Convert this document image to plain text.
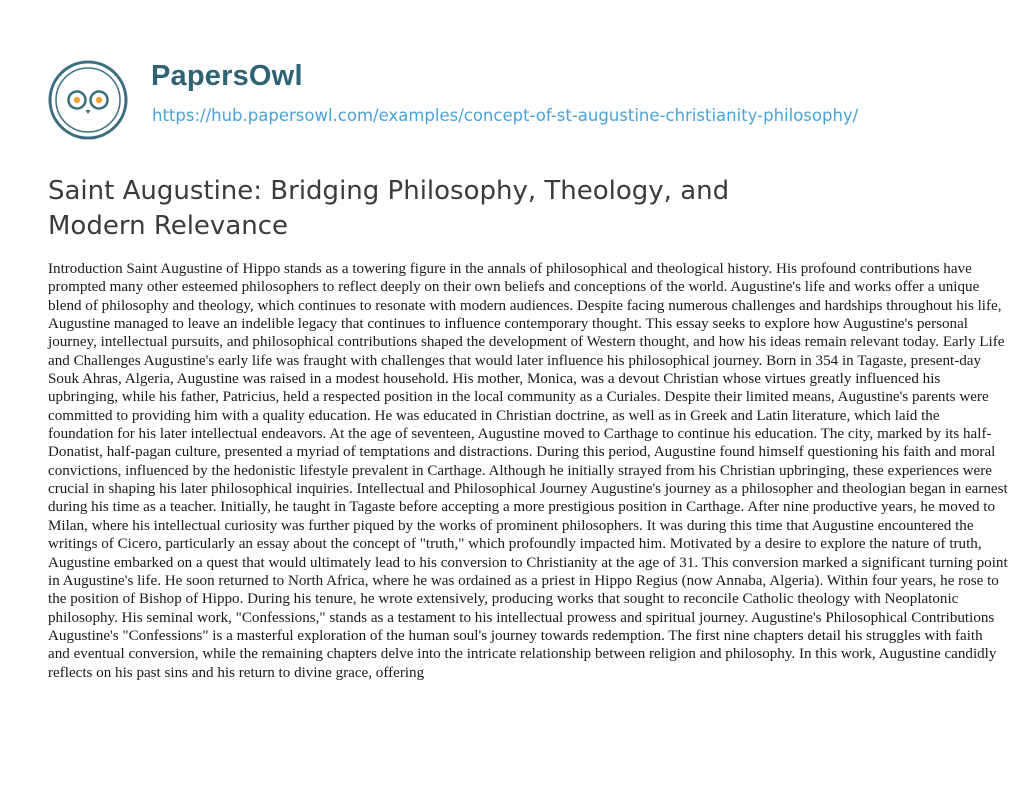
PapersOwl
https://hub.papersowl.com/examples/concept-of-st-augustine-christianity-philosophy/
Saint Augustine: Bridging Philosophy, Theology, and Modern Relevance

Introduction Saint Augustine of Hippo stands as a towering figure in the annals of philosophical and theological history. His profound contributions have prompted many other esteemed philosophers to reflect deeply on their own beliefs and conceptions of the world. Augustine's life and works offer a unique blend of philosophy and theology, which continues to resonate with modern audiences. Despite facing numerous challenges and hardships throughout his life, Augustine managed to leave an indelible legacy that continues to influence contemporary thought. This essay seeks to explore how Augustine's personal journey, intellectual pursuits, and philosophical contributions shaped the development of Western thought, and how his ideas remain relevant today. Early Life and Challenges Augustine's early life was fraught with challenges that would later influence his philosophical journey. Born in 354 in Tagaste, present-day Souk Ahras, Algeria, Augustine was raised in a modest household. His mother, Monica, was a devout Christian whose virtues greatly influenced his upbringing, while his father, Patricius, held a respected position in the local community as a Curiales. Despite their limited means, Augustine's parents were committed to providing him with a quality education. He was educated in Christian doctrine, as well as in Greek and Latin literature, which laid the foundation for his later intellectual endeavors. At the age of seventeen, Augustine moved to Carthage to continue his education. The city, marked by its half-Donatist, half-pagan culture, presented a myriad of temptations and distractions. During this period, Augustine found himself questioning his faith and moral convictions, influenced by the hedonistic lifestyle prevalent in Carthage. Although he initially strayed from his Christian upbringing, these experiences were crucial in shaping his later philosophical inquiries. Intellectual and Philosophical Journey Augustine's journey as a philosopher and theologian began in earnest during his time as a teacher. Initially, he taught in Tagaste before accepting a more prestigious position in Carthage. After nine productive years, he moved to Milan, where his intellectual curiosity was further piqued by the works of prominent philosophers. It was during this time that Augustine encountered the writings of Cicero, particularly an essay about the concept of "truth," which profoundly impacted him. Motivated by a desire to explore the nature of truth, Augustine embarked on a quest that would ultimately lead to his conversion to Christianity at the age of 31. This conversion marked a significant turning point in Augustine's life. He soon returned to North Africa, where he was ordained as a priest in Hippo Regius (now Annaba, Algeria). Within four years, he rose to the position of Bishop of Hippo. During his tenure, he wrote extensively, producing works that sought to reconcile Catholic theology with Neoplatonic philosophy. His seminal work, "Confessions," stands as a testament to his intellectual prowess and spiritual journey. Augustine's Philosophical Contributions Augustine's "Confessions" is a masterful exploration of the human soul's journey towards redemption. The first nine chapters detail his struggles with faith and eventual conversion, while the remaining chapters delve into the intricate relationship between religion and philosophy. In this work, Augustine candidly reflects on his past sins and his return to divine grace, offering
